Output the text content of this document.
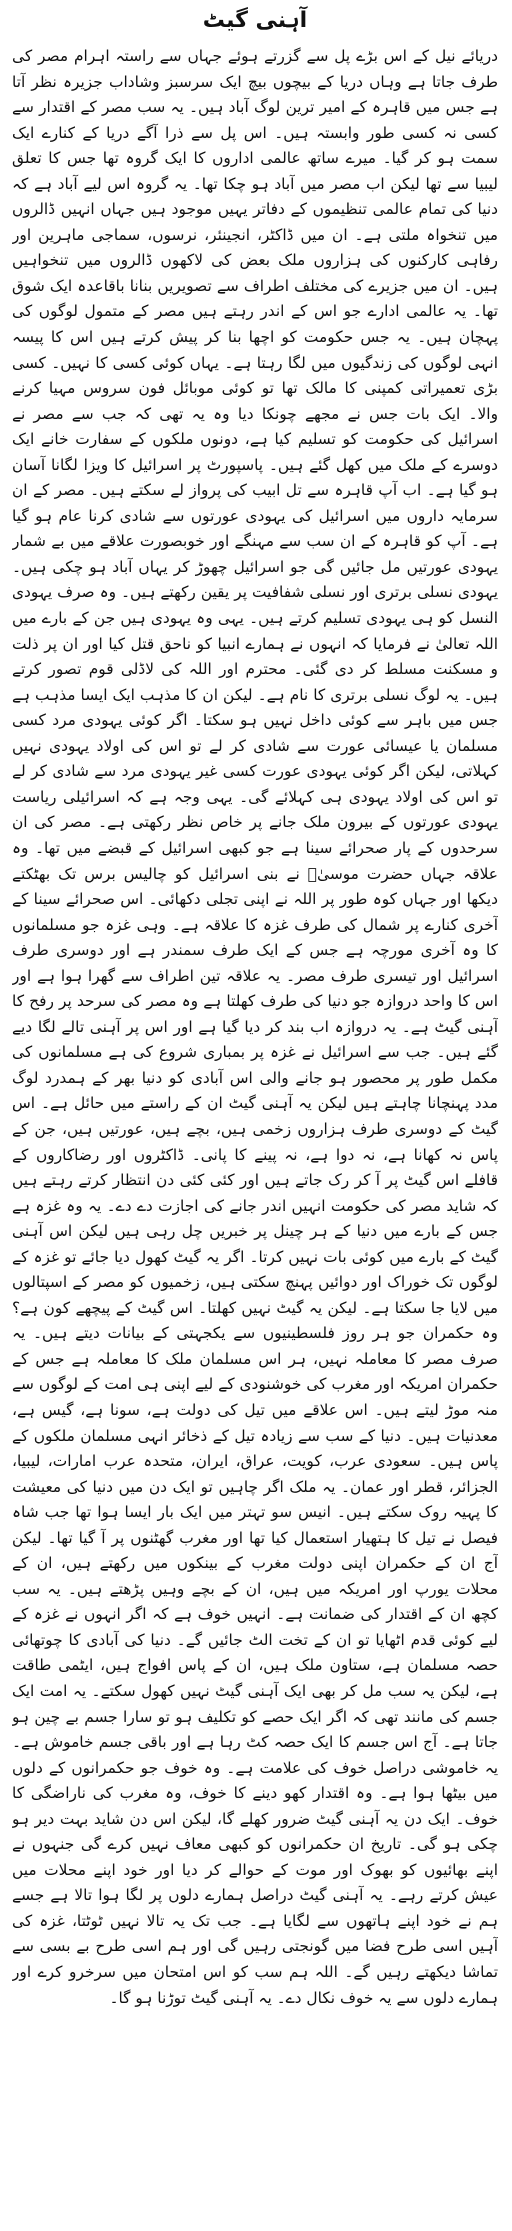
آہنی گیٹ

دریائے نیل کے اس بڑے پل سے گزرتے ہوئے جہاں سے راستہ اہرام مصر کی طرف جاتا ہے وہاں دریا کے بیچوں بیچ ایک سرسبز وشاداب جزیرہ نظر آتا ہے جس میں قاہرہ کے امیر ترین لوگ آباد ہیں۔ یہ سب مصر کے اقتدار سے کسی نہ کسی طور وابستہ ہیں۔ اس پل سے ذرا آگے دریا کے کنارے ایک سمت ہو کر گیا۔ میرے ساتھ عالمی اداروں کا ایک گروہ تھا جس کا تعلق لیبیا سے تھا لیکن اب مصر میں آباد ہو چکا تھا۔ یہ گروہ اس لیے آباد ہے کہ دنیا کی تمام عالمی تنظیموں کے دفاتر یہیں موجود ہیں جہاں انہیں ڈالروں میں تنخواہ ملتی ہے۔ ان میں ڈاکٹر، انجینئر، نرسوں، سماجی ماہرین اور رفاہی کارکنوں کی ہزاروں ملک بعض کی لاکھوں ڈالروں میں تنخواہیں ہیں۔ ان میں جزیرے کی مختلف اطراف سے تصویریں بنانا باقاعدہ ایک شوق تھا۔ یہ عالمی ادارے جو اس کے اندر رہتے ہیں مصر کے متمول لوگوں کی پہچان ہیں۔ یہ جس حکومت کو اچھا بنا کر پیش کرتے ہیں اس کا پیسہ انہی لوگوں کی زندگیوں میں لگا رہتا ہے۔ یہاں کوئی کسی کا نہیں۔ کسی بڑی تعمیراتی کمپنی کا مالک تھا تو کوئی موبائل فون سروس مہیا کرنے والا۔ ایک بات جس نے مجھے چونکا دیا وہ یہ تھی کہ جب سے مصر نے اسرائیل کی حکومت کو تسلیم کیا ہے، دونوں ملکوں کے سفارت خانے ایک دوسرے کے ملک میں کھل گئے ہیں۔ پاسپورٹ پر اسرائیل کا ویزا لگانا آسان ہو گیا ہے۔ اب آپ قاہرہ سے تل ابیب کی پرواز لے سکتے ہیں۔ مصر کے ان سرمایہ داروں میں اسرائیل کی یہودی عورتوں سے شادی کرنا عام ہو گیا ہے۔ آپ کو قاہرہ کے ان سب سے مہنگے اور خوبصورت علاقے میں بے شمار یہودی عورتیں مل جائیں گی جو اسرائیل چھوڑ کر یہاں آباد ہو چکی ہیں۔ یہودی نسلی برتری اور نسلی شفافیت پر یقین رکھتے ہیں۔ وہ صرف یہودی النسل کو ہی یہودی تسلیم کرتے ہیں۔ یہی وہ یہودی ہیں جن کے بارے میں اللہ تعالیٰ نے فرمایا کہ انہوں نے ہمارے انبیا کو ناحق قتل کیا اور ان پر ذلت و مسکنت مسلط کر دی گئی۔ محترم اور اللہ کی لاڈلی قوم تصور کرتے ہیں۔ یہ لوگ نسلی برتری کا نام ہے۔ لیکن ان کا مذہب ایک ایسا مذہب ہے جس میں باہر سے کوئی داخل نہیں ہو سکتا۔ اگر کوئی یہودی مرد کسی مسلمان یا عیسائی عورت سے شادی کر لے تو اس کی اولاد یہودی نہیں کہلاتی، لیکن اگر کوئی یہودی عورت کسی غیر یہودی مرد سے شادی کر لے تو اس کی اولاد یہودی ہی کہلائے گی۔ یہی وجہ ہے کہ اسرائیلی ریاست یہودی عورتوں کے بیرون ملک جانے پر خاص نظر رکھتی ہے۔ مصر کی ان سرحدوں کے پار صحرائے سینا ہے جو کبھی اسرائیل کے قبضے میں تھا۔ وہ علاقہ جہاں حضرت موسیٰؑ نے بنی اسرائیل کو چالیس برس تک بھٹکتے دیکھا اور جہاں کوہ طور پر اللہ نے اپنی تجلی دکھائی۔ اس صحرائے سینا کے آخری کنارے پر شمال کی طرف غزہ کا علاقہ ہے۔ وہی غزہ جو مسلمانوں کا وہ آخری مورچہ ہے جس کے ایک طرف سمندر ہے اور دوسری طرف اسرائیل اور تیسری طرف مصر۔ یہ علاقہ تین اطراف سے گھرا ہوا ہے اور اس کا واحد دروازہ جو دنیا کی طرف کھلتا ہے وہ مصر کی سرحد پر رفح کا آہنی گیٹ ہے۔ یہ دروازہ اب بند کر دیا گیا ہے اور اس پر آہنی تالے لگا دیے گئے ہیں۔ جب سے اسرائیل نے غزہ پر بمباری شروع کی ہے مسلمانوں کی مکمل طور پر محصور ہو جانے والی اس آبادی کو دنیا بھر کے ہمدرد لوگ مدد پہنچانا چاہتے ہیں لیکن یہ آہنی گیٹ ان کے راستے میں حائل ہے۔ اس گیٹ کے دوسری طرف ہزاروں زخمی ہیں، بچے ہیں، عورتیں ہیں، جن کے پاس نہ کھانا ہے، نہ دوا ہے، نہ پینے کا پانی۔ ڈاکٹروں اور رضاکاروں کے قافلے اس گیٹ پر آ کر رک جاتے ہیں اور کئی کئی دن انتظار کرتے رہتے ہیں کہ شاید مصر کی حکومت انہیں اندر جانے کی اجازت دے دے۔ یہ وہ غزہ ہے جس کے بارے میں دنیا کے ہر چینل پر خبریں چل رہی ہیں لیکن اس آہنی گیٹ کے بارے میں کوئی بات نہیں کرتا۔ اگر یہ گیٹ کھول دیا جائے تو غزہ کے لوگوں تک خوراک اور دوائیں پہنچ سکتی ہیں، زخمیوں کو مصر کے اسپتالوں میں لایا جا سکتا ہے۔ لیکن یہ گیٹ نہیں کھلتا۔ اس گیٹ کے پیچھے کون ہے؟ وہ حکمران جو ہر روز فلسطینیوں سے یکجہتی کے بیانات دیتے ہیں۔ یہ صرف مصر کا معاملہ نہیں، ہر اس مسلمان ملک کا معاملہ ہے جس کے حکمران امریکہ اور مغرب کی خوشنودی کے لیے اپنی ہی امت کے لوگوں سے منہ موڑ لیتے ہیں۔ اس علاقے میں تیل کی دولت ہے، سونا ہے، گیس ہے، معدنیات ہیں۔ دنیا کے سب سے زیادہ تیل کے ذخائر انہی مسلمان ملکوں کے پاس ہیں۔ سعودی عرب، کویت، عراق، ایران، متحدہ عرب امارات، لیبیا، الجزائر، قطر اور عمان۔ یہ ملک اگر چاہیں تو ایک دن میں دنیا کی معیشت کا پہیہ روک سکتے ہیں۔ انیس سو تہتر میں ایک بار ایسا ہوا تھا جب شاہ فیصل نے تیل کا ہتھیار استعمال کیا تھا اور مغرب گھٹنوں پر آ گیا تھا۔ لیکن آج ان کے حکمران اپنی دولت مغرب کے بینکوں میں رکھتے ہیں، ان کے محلات یورپ اور امریکہ میں ہیں، ان کے بچے وہیں پڑھتے ہیں۔ یہ سب کچھ ان کے اقتدار کی ضمانت ہے۔ انہیں خوف ہے کہ اگر انہوں نے غزہ کے لیے کوئی قدم اٹھایا تو ان کے تخت الٹ جائیں گے۔ دنیا کی آبادی کا چوتھائی حصہ مسلمان ہے، ستاون ملک ہیں، ان کے پاس افواج ہیں، ایٹمی طاقت ہے، لیکن یہ سب مل کر بھی ایک آہنی گیٹ نہیں کھول سکتے۔ یہ امت ایک جسم کی مانند تھی کہ اگر ایک حصے کو تکلیف ہو تو سارا جسم بے چین ہو جاتا ہے۔ آج اس جسم کا ایک حصہ کٹ رہا ہے اور باقی جسم خاموش ہے۔ یہ خاموشی دراصل خوف کی علامت ہے۔ وہ خوف جو حکمرانوں کے دلوں میں بیٹھا ہوا ہے۔ وہ اقتدار کھو دینے کا خوف، وہ مغرب کی ناراضگی کا خوف۔ ایک دن یہ آہنی گیٹ ضرور کھلے گا، لیکن اس دن شاید بہت دیر ہو چکی ہو گی۔ تاریخ ان حکمرانوں کو کبھی معاف نہیں کرے گی جنہوں نے اپنے بھائیوں کو بھوک اور موت کے حوالے کر دیا اور خود اپنے محلات میں عیش کرتے رہے۔ یہ آہنی گیٹ دراصل ہمارے دلوں پر لگا ہوا تالا ہے جسے ہم نے خود اپنے ہاتھوں سے لگایا ہے۔ جب تک یہ تالا نہیں ٹوٹتا، غزہ کی آہیں اسی طرح فضا میں گونجتی رہیں گی اور ہم اسی طرح بے بسی سے تماشا دیکھتے رہیں گے۔ اللہ ہم سب کو اس امتحان میں سرخرو کرے اور ہمارے دلوں سے یہ خوف نکال دے۔ یہ آہنی گیٹ توڑنا ہو گا۔
